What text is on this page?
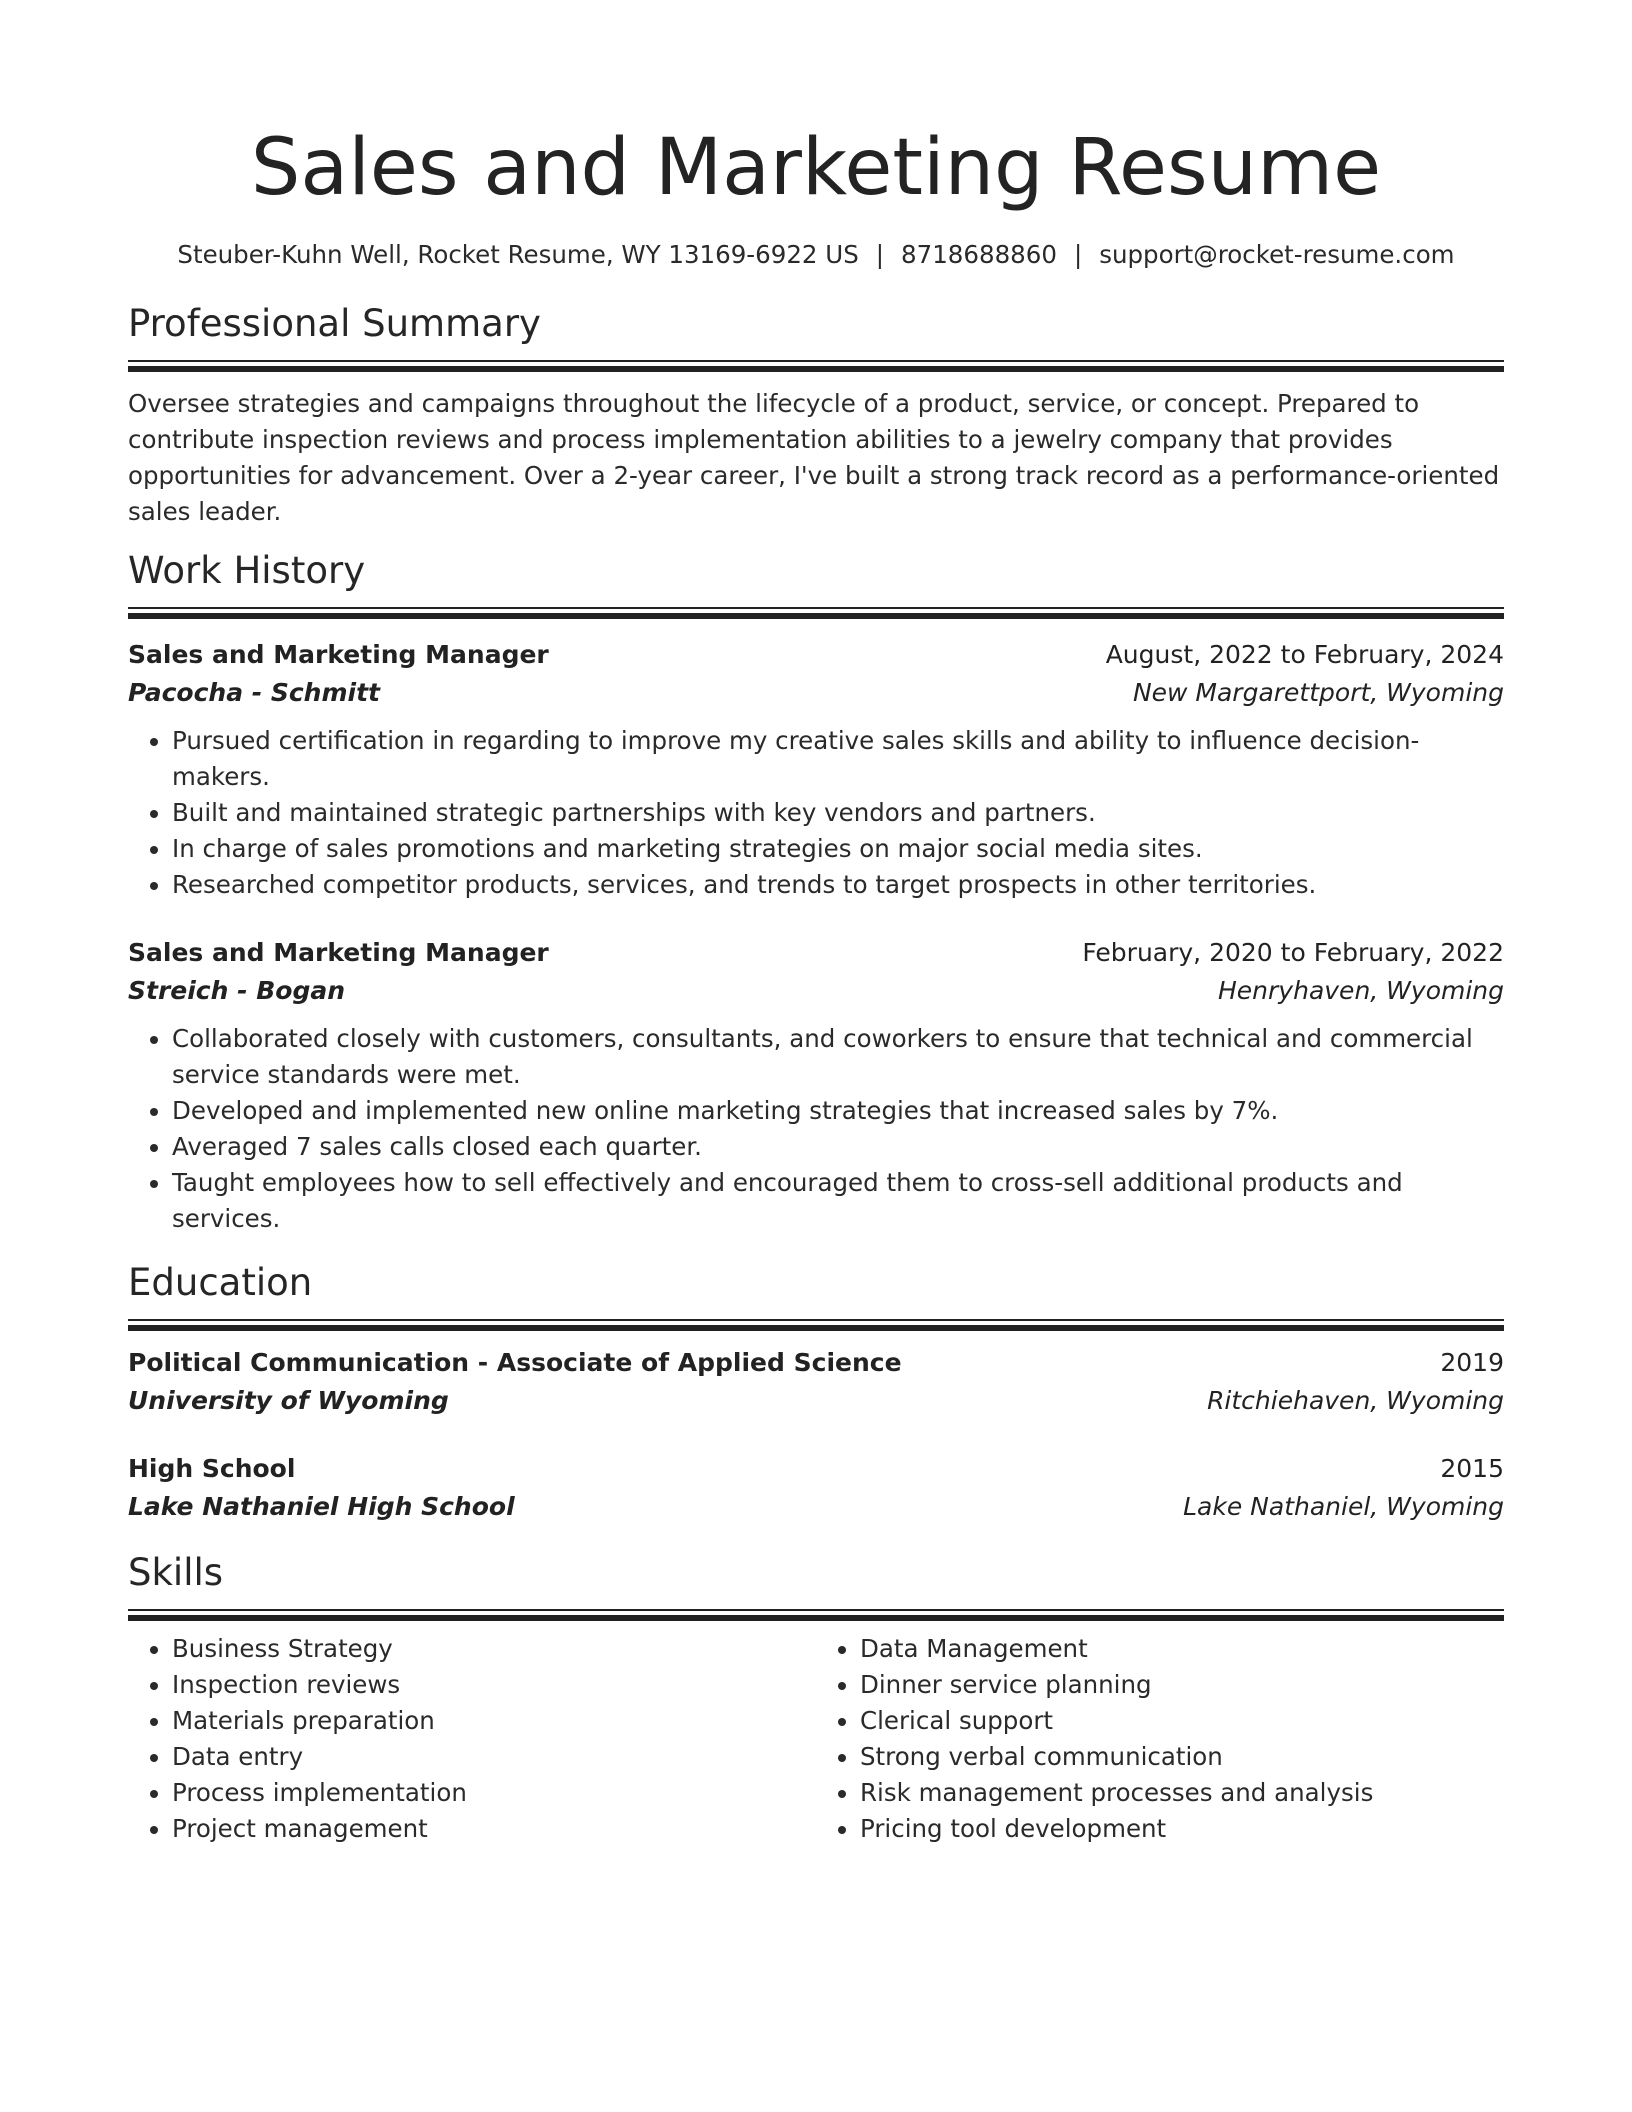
Sales and Marketing Resume
Steuber-Kuhn Well, Rocket Resume, WY 13169-6922 US | 8718688860 | support@rocket-resume.com
Professional Summary
Oversee strategies and campaigns throughout the lifecycle of a product, service, or concept. Prepared to contribute inspection reviews and process implementation abilities to a jewelry company that provides opportunities for advancement. Over a 2-year career, I've built a strong track record as a performance-oriented sales leader.
Work History
Sales and Marketing Manager	August, 2022 to February, 2024
Pacocha - Schmitt	New Margarettport, Wyoming
• Pursued certification in regarding to improve my creative sales skills and ability to influence decision-makers.
• Built and maintained strategic partnerships with key vendors and partners.
• In charge of sales promotions and marketing strategies on major social media sites.
• Researched competitor products, services, and trends to target prospects in other territories.
Sales and Marketing Manager	February, 2020 to February, 2022
Streich - Bogan	Henryhaven, Wyoming
• Collaborated closely with customers, consultants, and coworkers to ensure that technical and commercial service standards were met.
• Developed and implemented new online marketing strategies that increased sales by 7%.
• Averaged 7 sales calls closed each quarter.
• Taught employees how to sell effectively and encouraged them to cross-sell additional products and services.
Education
Political Communication - Associate of Applied Science	2019
University of Wyoming	Ritchiehaven, Wyoming
High School	2015
Lake Nathaniel High School	Lake Nathaniel, Wyoming
Skills
• Business Strategy
• Inspection reviews
• Materials preparation
• Data entry
• Process implementation
• Project management
• Data Management
• Dinner service planning
• Clerical support
• Strong verbal communication
• Risk management processes and analysis
• Pricing tool development
